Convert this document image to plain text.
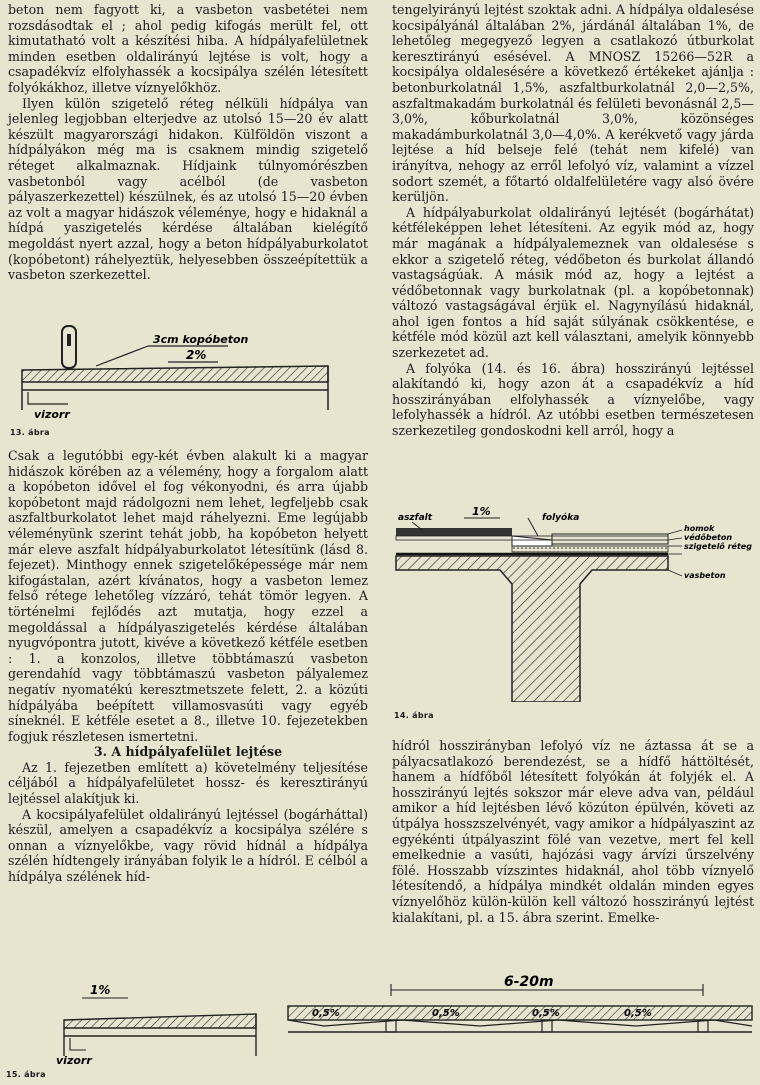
beton nem fagyott ki, a vasbeton vasbetétei nem rozsdásodtak el ; ahol pedig kifogás merült fel, ott kimutatható volt a készítési hiba. A hídpályafelületnek minden esetben oldalirányú lejtése is volt, hogy a csapadékvíz elfolyhassék a kocsipálya szélén létesített folyókákhoz, illetve víznyelőkhöz.

Ilyen külön szigetelő réteg nélküli hídpálya van jelenleg legjobban elterjedve az utolsó 15—20 év alatt készült magyarországi hidakon. Külföldön viszont a hídpályákon még ma is csaknem mindig szigetelő réteget alkalmaznak. Hídjaink túlnyomórészben vasbetonból vagy acélból (de vasbeton pályaszerkezettel) készülnek, és az utolsó 15—20 évben az volt a magyar hidászok véleménye, hogy e hidaknál a hídpá yaszigetelés kérdése általában kielégítő megoldást nyert azzal, hogy a beton hídpályaburkolatot (kopóbetont) ráhelyeztük, helyesebben összeépítettük a vasbeton szerkezettel.

3cm kopóbeton
2%
vizorr
13. ábra

Csak a legutóbbi egy-két évben alakult ki a magyar hidászok körében az a vélemény, hogy a forgalom alatt a kopóbeton idővel el fog vékonyodni, és arra újabb kopóbetont majd rádolgozni nem lehet, legfeljebb csak aszfaltburkolatot lehet majd ráhelyezni. Eme legújabb véleményünk szerint tehát jobb, ha kopóbeton helyett már eleve aszfalt hídpályaburkolatot létesítünk (lásd 8. fejezet). Minthogy ennek szigetelőképessége már nem kifogástalan, azért kívánatos, hogy a vasbeton lemez felső rétege lehetőleg vízzáró, tehát tömör legyen. A történelmi fejlődés azt mutatja, hogy ezzel a megoldással a hídpályaszigetelés kérdése általában nyugvópontra jutott, kivéve a következő kétféle esetben : 1. a konzolos, illetve többtámaszú vasbeton gerendahíd vagy többtámaszú vasbeton pályalemez negatív nyomatékú keresztmetszete felett, 2. a közúti hídpályába beépített villamosvasúti vagy egyéb síneknél. E kétféle esetet a 8., illetve 10. fejezetekben fogjuk részletesen ismertetni.

3. A hídpályafelület lejtése

Az 1. fejezetben említett a) követelmény teljesítése céljából a hídpályafelületet hossz- és keresztirányú lejtéssel alakítjuk ki.

A kocsipályafelület oldalirányú lejtéssel (bogárháttal) készül, amelyen a csapadékvíz a kocsipálya szélére s onnan a víznyelőkbe, vagy rövid hídnál a hídpálya szélén hídtengely irányában folyik le a hídról. E célból a hídpálya szélének híd-

tengelyirányú lejtést szoktak adni. A hídpálya oldalesése kocsipályánál általában 2%, járdánál általában 1%, de lehetőleg megegyező legyen a csatlakozó útburkolat keresztirányú esésével. A MNOSZ 15266—52R a kocsipálya oldalesésére a következő értékeket ajánlja : betonburkolatnál 1,5%, aszfaltburkolatnál 2,0—2,5%, aszfaltmakadám burkolatnál és felületi bevonásnál 2,5—3,0%, kőburkolatnál 3,0%, közönséges makadámburkolatnál 3,0—4,0%. A kerékvető vagy járda lejtése a híd belseje felé (tehát nem kifelé) van irányítva, nehogy az erről lefolyó víz, valamint a vízzel sodort szemét, a főtartó oldalfelületére vagy alsó övére kerüljön.

A hídpályaburkolat oldalirányú lejtését (bogárhátat) kétféleképpen lehet létesíteni. Az egyik mód az, hogy már magának a hídpályalemeznek van oldalesése s ekkor a szigetelő réteg, védőbeton és burkolat állandó vastagságúak. A másik mód az, hogy a lejtést a védőbetonnak vagy burkolatnak (pl. a kopóbetonnak) változó vastagságával érjük el. Nagynyílású hidaknál, ahol igen fontos a híd saját súlyának csökkentése, e kétféle mód közül azt kell választani, amelyik könnyebb szerkezetet ad.

A folyóka (14. és 16. ábra) hosszirányú lejtéssel alakítandó ki, hogy azon át a csapadékvíz a híd hosszirányában elfolyhassék a víznyelőbe, vagy lefolyhassék a hídról. Az utóbbi esetben természetesen szerkezetileg gondoskodni kell arról, hogy a

aszfalt	1%	folyóka
homok
védőbeton
szigetelő réteg
vasbeton
14. ábra

hídról hosszirányban lefolyó víz ne áztassa át se a pályacsatlakozó berendezést, se a hídfő háttöltését, hanem a hídfőből létesített folyókán át folyjék el. A hosszirányú lejtés sokszor már eleve adva van, például amikor a híd lejtésben lévő közúton épülvén, követi az útpálya hosszszelvényét, vagy amikor a hídpályaszint az egyékénti útpályaszint fölé van vezetve, mert fel kell emelkednie a vasúti, hajózási vagy árvízi űrszelvény fölé. Hosszabb vízszintes hidaknál, ahol több víznyelő létesítendő, a hídpálya mindkét oldalán minden egyes víznyelőhöz külön-külön kell változó hosszirányú lejtést kialakítani, pl. a 15. ábra szerint. Emelke-

1%
vizorr
6-20m
0,5%	0,5%	0,5%	0,5%
15. ábra
